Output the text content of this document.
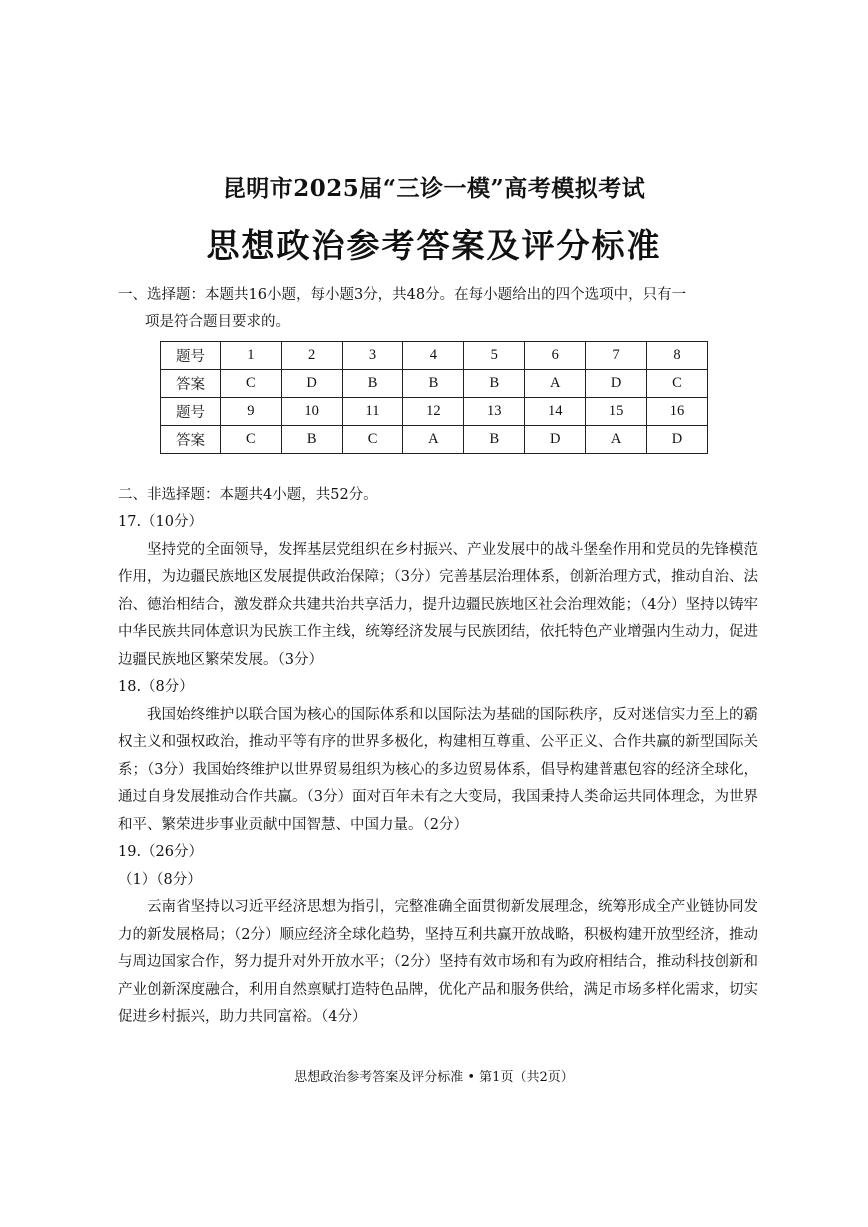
昆明市2025届“三诊一模”高考模拟考试
思想政治参考答案及评分标准
一、选择题：本题共16小题，每小题3分，共48分。在每小题给出的四个选项中，只有一
项是符合题目要求的。
题号	1	2	3	4	5	6	7	8
答案	C	D	B	B	B	A	D	C
题号	9	10	11	12	13	14	15	16
答案	C	B	C	A	B	D	A	D
二、非选择题：本题共4小题，共52分。
17.（10分）
坚持党的全面领导，发挥基层党组织在乡村振兴、产业发展中的战斗堡垒作用和党员的先锋模范作用，为边疆民族地区发展提供政治保障；（3分）完善基层治理体系，创新治理方式，推动自治、法治、德治相结合，激发群众共建共治共享活力，提升边疆民族地区社会治理效能；（4分）坚持以铸牢中华民族共同体意识为民族工作主线，统筹经济发展与民族团结，依托特色产业增强内生动力，促进边疆民族地区繁荣发展。（3分）
18.（8分）
我国始终维护以联合国为核心的国际体系和以国际法为基础的国际秩序，反对迷信实力至上的霸权主义和强权政治，推动平等有序的世界多极化，构建相互尊重、公平正义、合作共赢的新型国际关系；（3分）我国始终维护以世界贸易组织为核心的多边贸易体系，倡导构建普惠包容的经济全球化，通过自身发展推动合作共赢。（3分）面对百年未有之大变局，我国秉持人类命运共同体理念，为世界和平、繁荣进步事业贡献中国智慧、中国力量。（2分）
19.（26分）
（1）（8分）
云南省坚持以习近平经济思想为指引，完整准确全面贯彻新发展理念，统筹形成全产业链协同发力的新发展格局；（2分）顺应经济全球化趋势，坚持互利共赢开放战略，积极构建开放型经济，推动与周边国家合作，努力提升对外开放水平；（2分）坚持有效市场和有为政府相结合，推动科技创新和产业创新深度融合，利用自然禀赋打造特色品牌，优化产品和服务供给，满足市场多样化需求，切实促进乡村振兴，助力共同富裕。（4分）
思想政治参考答案及评分标准 • 第1页（共2页）
